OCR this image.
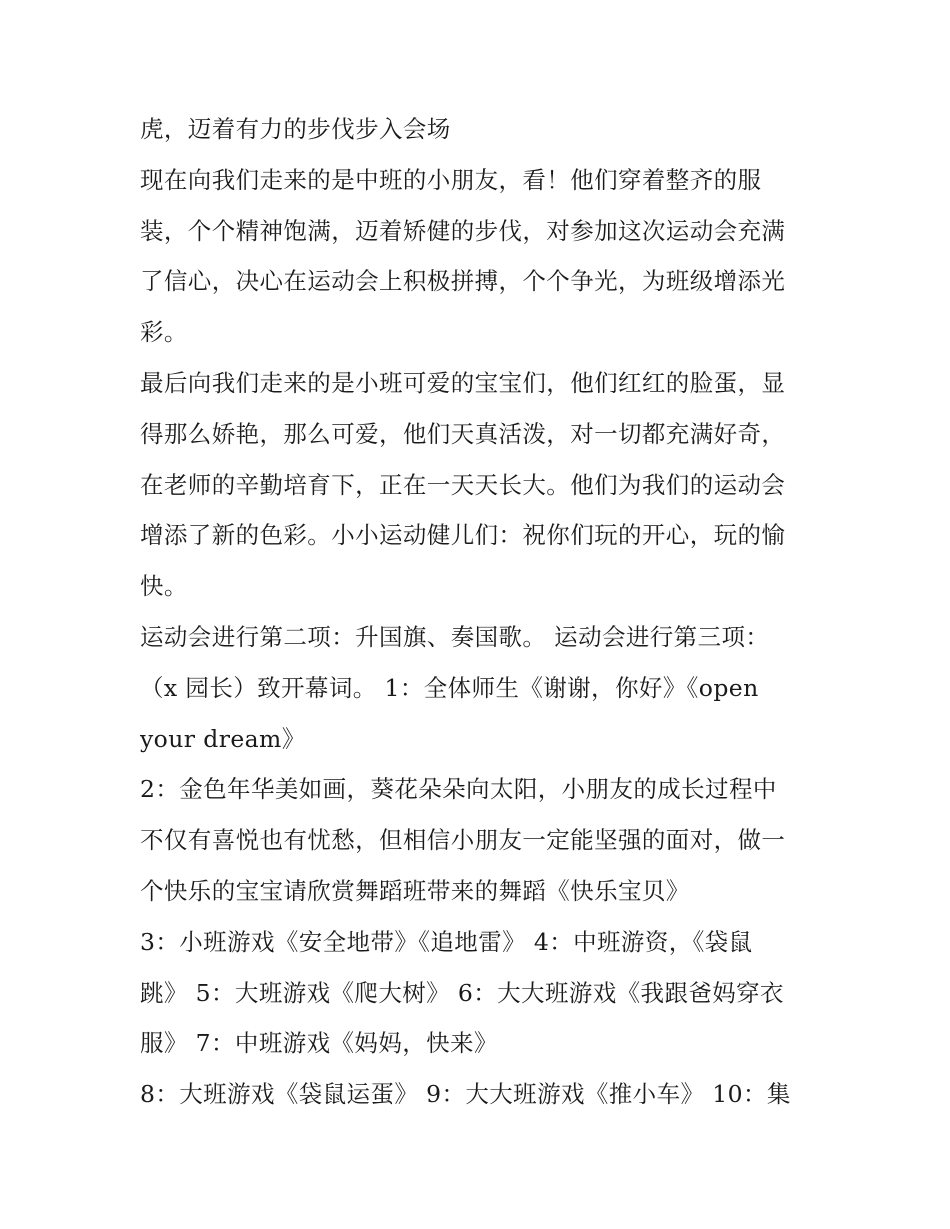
虎，迈着有力的步伐步入会场
现在向我们走来的是中班的小朋友，看！他们穿着整齐的服
装，个个精神饱满，迈着矫健的步伐，对参加这次运动会充满
了信心，决心在运动会上积极拼搏，个个争光，为班级增添光
彩。
最后向我们走来的是小班可爱的宝宝们，他们红红的脸蛋，显
得那么娇艳，那么可爱，他们天真活泼，对一切都充满好奇，
在老师的辛勤培育下，正在一天天长大。他们为我们的运动会
增添了新的色彩。小小运动健儿们：祝你们玩的开心，玩的愉
快。
运动会进行第二项：升国旗、奏国歌。 运动会进行第三项：
（x 园长）致开幕词。 1：全体师生《谢谢，你好》《open
your dream》
2：金色年华美如画，葵花朵朵向太阳，小朋友的成长过程中
不仅有喜悦也有忧愁，但相信小朋友一定能坚强的面对，做一
个快乐的宝宝请欣赏舞蹈班带来的舞蹈《快乐宝贝》
3：小班游戏《安全地带》《追地雷》 4：中班游资，《袋鼠
跳》 5：大班游戏《爬大树》 6：大大班游戏《我跟爸妈穿衣
服》 7：中班游戏《妈妈，快来》
8：大班游戏《袋鼠运蛋》 9：大大班游戏《推小车》 10：集
